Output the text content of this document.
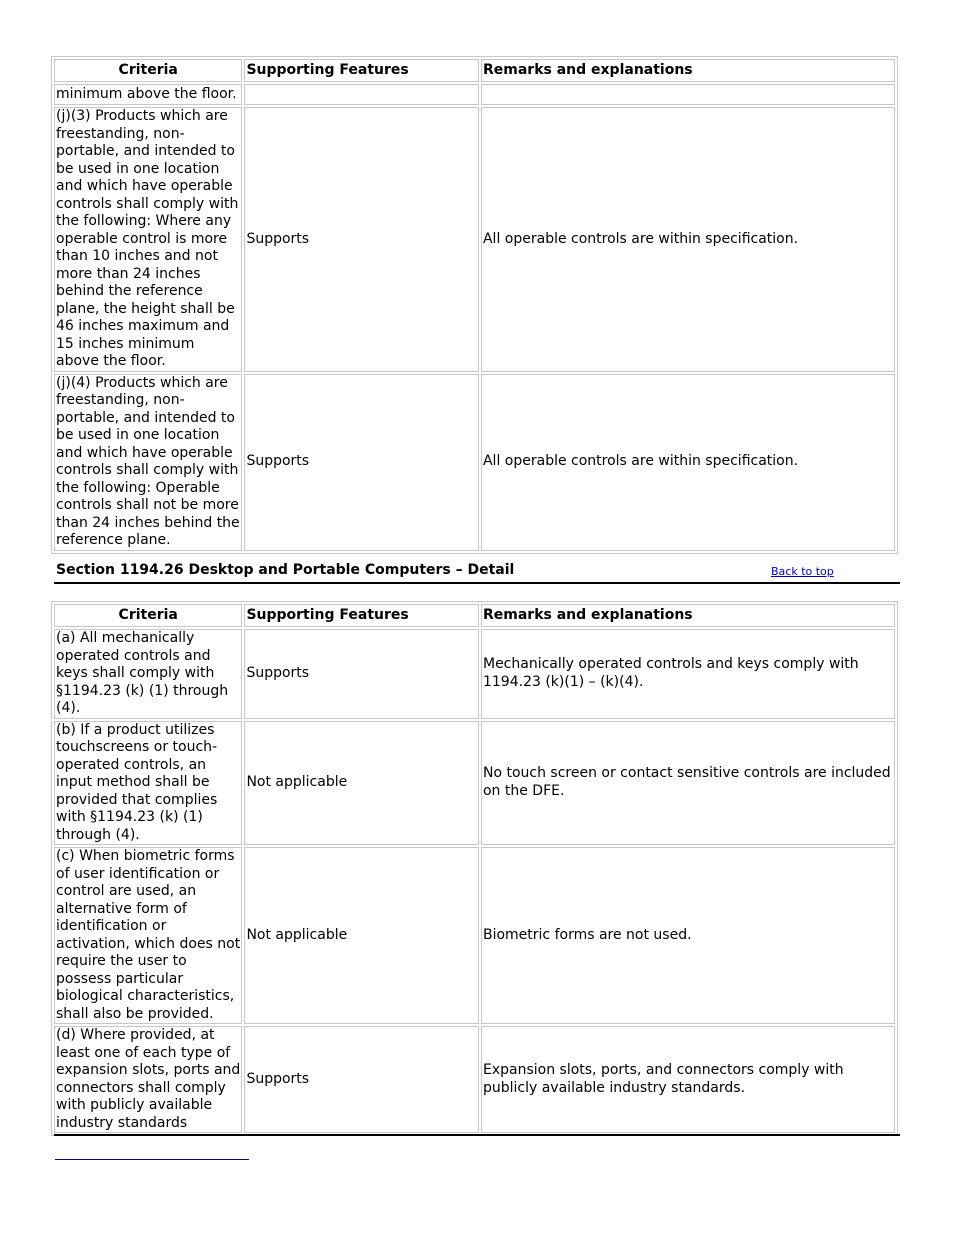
Criteria	Supporting Features	Remarks and explanations
minimum above the floor.		
(j)(3) Products which are freestanding, non-portable, and intended to be used in one location and which have operable controls shall comply with the following: Where any operable control is more than 10 inches and not more than 24 inches behind the reference plane, the height shall be 46 inches maximum and 15 inches minimum above the floor.	Supports	All operable controls are within specification.
(j)(4) Products which are freestanding, non-portable, and intended to be used in one location and which have operable controls shall comply with the following: Operable controls shall not be more than 24 inches behind the reference plane.	Supports	All operable controls are within specification.
Section 1194.26 Desktop and Portable Computers – Detail	Back to top
Criteria	Supporting Features	Remarks and explanations
(a) All mechanically operated controls and keys shall comply with §1194.23 (k) (1) through (4).	Supports	Mechanically operated controls and keys comply with 1194.23 (k)(1) – (k)(4).
(b) If a product utilizes touchscreens or touch-operated controls, an input method shall be provided that complies with §1194.23 (k) (1) through (4).	Not applicable	No touch screen or contact sensitive controls are included on the DFE.
(c) When biometric forms of user identification or control are used, an alternative form of identification or activation, which does not require the user to possess particular biological characteristics, shall also be provided.	Not applicable	Biometric forms are not used.
(d) Where provided, at least one of each type of expansion slots, ports and connectors shall comply with publicly available industry standards	Supports	Expansion slots, ports, and connectors comply with publicly available industry standards.
